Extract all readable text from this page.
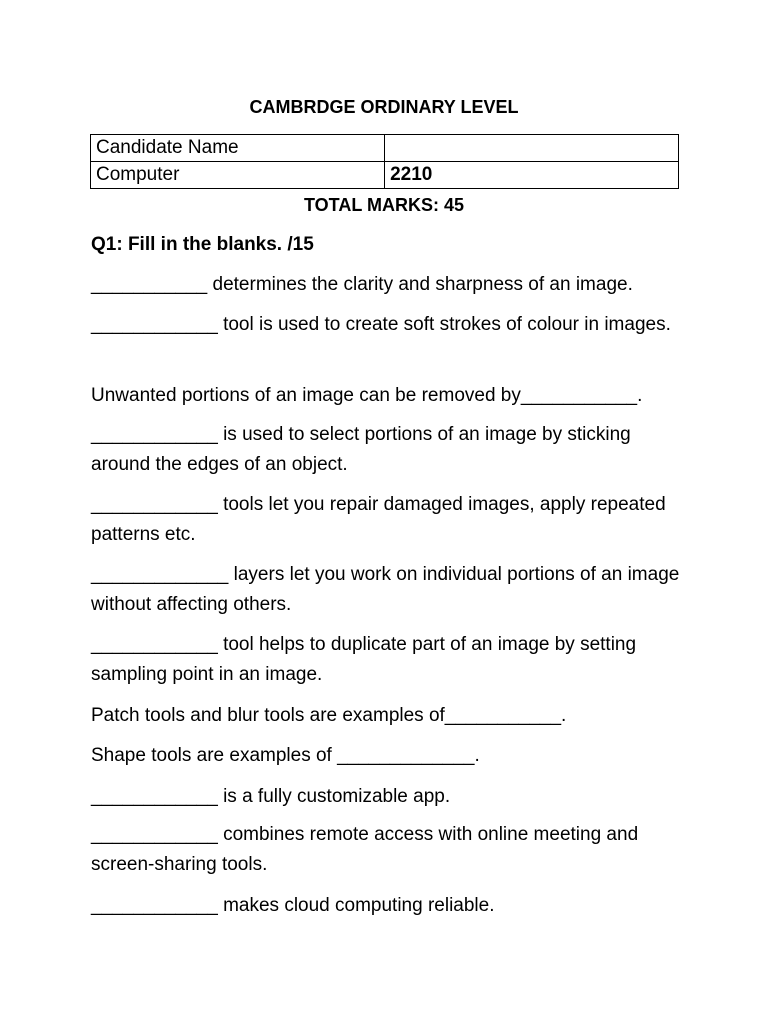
CAMBRDGE ORDINARY LEVEL
Candidate Name	
Computer	2210
TOTAL MARKS: 45
Q1: Fill in the blanks. /15
___________ determines the clarity and sharpness of an image.
____________ tool is used to create soft strokes of colour in images.
Unwanted portions of an image can be removed by___________.
____________ is used to select portions of an image by sticking around the edges of an object.
____________ tools let you repair damaged images, apply repeated patterns etc.
_____________ layers let you work on individual portions of an image without affecting others.
____________ tool helps to duplicate part of an image by setting sampling point in an image.
Patch tools and blur tools are examples of___________.
Shape tools are examples of _____________.
____________ is a fully customizable app.
____________ combines remote access with online meeting and screen-sharing tools.
____________ makes cloud computing reliable.
